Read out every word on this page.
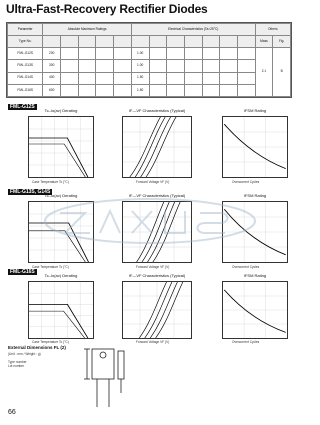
Ultra-Fast-Recovery Rectifier Diodes
Parameter	Absolute Maximum Ratings					Electrical Characteristics (Ta=25°C)							Others	
Type No.													Mass	Fig.
FML-G12S	200					1.00							2.1	B
FML-G13S	300					1.00								
FML-G14S	400					1.50								
FML-G16S	600					1.50								
FML-G12S
Tc–Io(av) Derating
Case Temperature Tc (°C)
IF—VF Characteristics (Typical)
Forward Voltage VF (V)
IFSM Rating
Overcurrent Cycles
FML-G13S, G14S
Tc–Io(av) Derating
Case Temperature Tc (°C)
IF—VF Characteristics (Typical)
Forward Voltage VF (V)
IFSM Rating
Overcurrent Cycles
FML-G16S
Tc–Io(av) Derating
Case Temperature Tc (°C)
IF—VF Characteristics (Typical)
Forward Voltage VF (V)
IFSM Rating
Overcurrent Cycles
External Dimensions FL (2)
(Unit : mm / Weight : g)
Type number
Lot number
66
